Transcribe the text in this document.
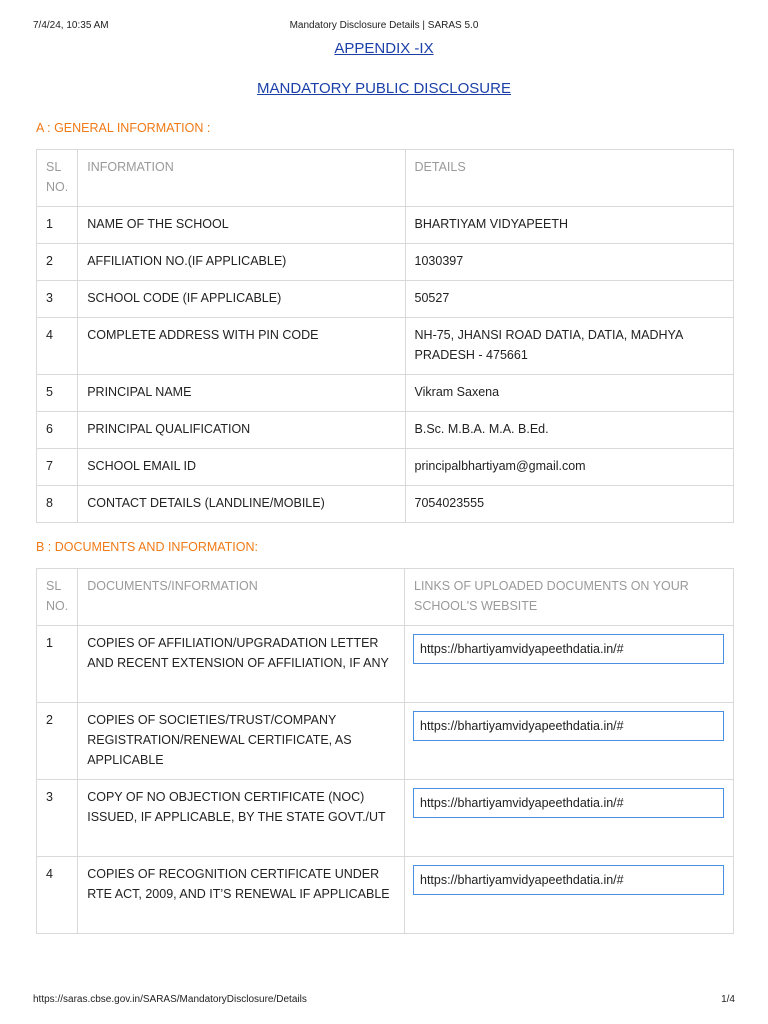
7/4/24, 10:35 AM	Mandatory Disclosure Details | SARAS 5.0
APPENDIX -IX
MANDATORY PUBLIC DISCLOSURE
A : GENERAL INFORMATION :
SL NO.	INFORMATION	DETAILS
1	NAME OF THE SCHOOL	BHARTIYAM VIDYAPEETH
2	AFFILIATION NO.(IF APPLICABLE)	1030397
3	SCHOOL CODE (IF APPLICABLE)	50527
4	COMPLETE ADDRESS WITH PIN CODE	NH-75, JHANSI ROAD DATIA, DATIA, MADHYA PRADESH - 475661
5	PRINCIPAL NAME	Vikram Saxena
6	PRINCIPAL QUALIFICATION	B.Sc. M.B.A. M.A. B.Ed.
7	SCHOOL EMAIL ID	principalbhartiyam@gmail.com
8	CONTACT DETAILS (LANDLINE/MOBILE)	7054023555
B : DOCUMENTS AND INFORMATION:
SL NO.	DOCUMENTS/INFORMATION	LINKS OF UPLOADED DOCUMENTS ON YOUR SCHOOL'S WEBSITE
1	COPIES OF AFFILIATION/UPGRADATION LETTER AND RECENT EXTENSION OF AFFILIATION, IF ANY	https://bhartiyamvidyapeethdatia.in/#

2	COPIES OF SOCIETIES/TRUST/COMPANY REGISTRATION/RENEWAL CERTIFICATE, AS APPLICABLE	https://bhartiyamvidyapeethdatia.in/#

3	COPY OF NO OBJECTION CERTIFICATE (NOC) ISSUED, IF APPLICABLE, BY THE STATE GOVT./UT	https://bhartiyamvidyapeethdatia.in/#

4	COPIES OF RECOGNITION CERTIFICATE UNDER RTE ACT, 2009, AND IT’S RENEWAL IF APPLICABLE	https://bhartiyamvidyapeethdatia.in/#
https://saras.cbse.gov.in/SARAS/MandatoryDisclosure/Details	1/4
